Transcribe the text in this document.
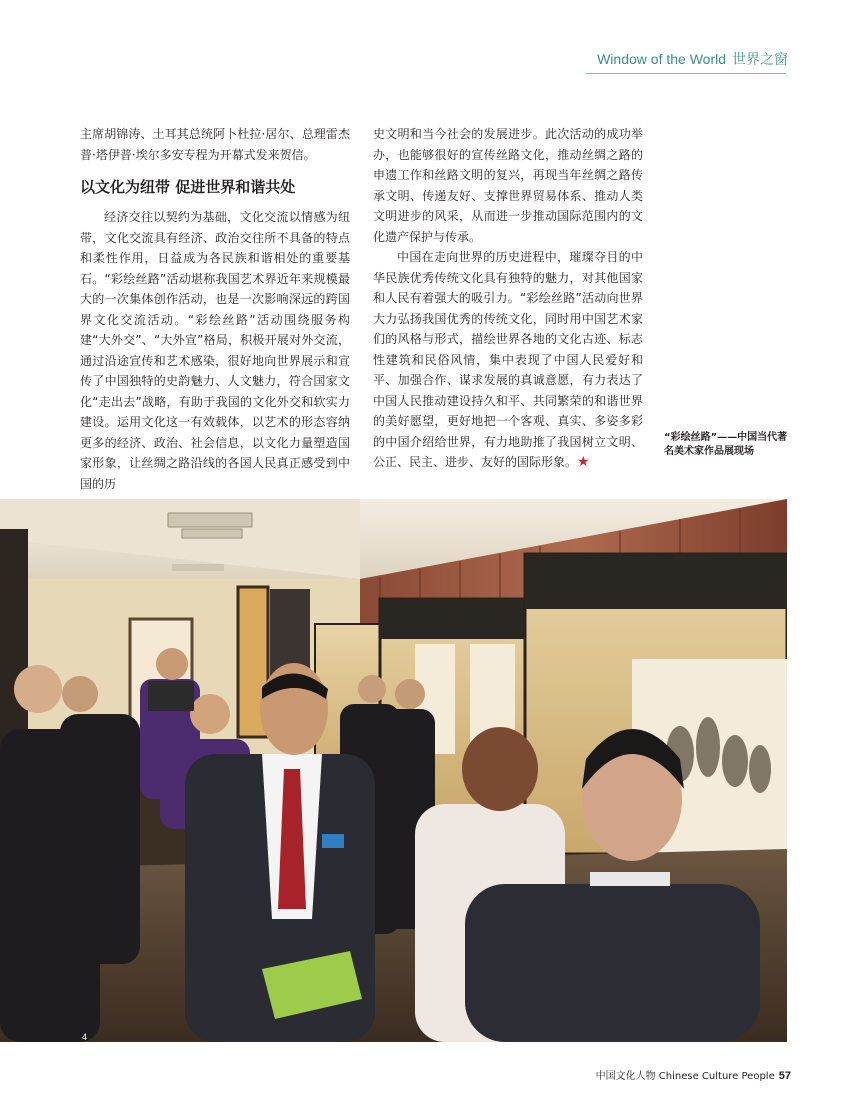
Window of the World 世界之窗

主席胡锦涛、土耳其总统阿卜杜拉·居尔、总理雷杰普·塔伊普·埃尔多安专程为开幕式发来贺信。

以文化为纽带 促进世界和谐共处

经济交往以契约为基础，文化交流以情感为纽带，文化交流具有经济、政治交往所不具备的特点和柔性作用，日益成为各民族和谐相处的重要基石。“彩绘丝路”活动堪称我国艺术界近年来规模最大的一次集体创作活动，也是一次影响深远的跨国界文化交流活动。“彩绘丝路”活动围绕服务构建“大外交”、“大外宣”格局，积极开展对外交流，通过沿途宣传和艺术感染，很好地向世界展示和宣传了中国独特的史韵魅力、人文魅力，符合国家文化“走出去”战略，有助于我国的文化外交和软实力建设。运用文化这一有效载体，以艺术的形态容纳更多的经济、政治、社会信息，以文化力量塑造国家形象，让丝绸之路沿线的各国人民真正感受到中国的历

史文明和当今社会的发展进步。此次活动的成功举办，也能够很好的宣传丝路文化，推动丝绸之路的申遗工作和丝路文明的复兴，再现当年丝绸之路传承文明、传递友好、支撑世界贸易体系、推动人类文明进步的风采，从而进一步推动国际范围内的文化遗产保护与传承。

中国在走向世界的历史进程中，璀璨夺目的中华民族优秀传统文化具有独特的魅力，对其他国家和人民有着强大的吸引力。“彩绘丝路”活动向世界大力弘扬我国优秀的传统文化，同时用中国艺术家们的风格与形式，描绘世界各地的文化古迹、标志性建筑和民俗风情，集中表现了中国人民爱好和平、加强合作、谋求发展的真诚意愿，有力表达了中国人民推动建设持久和平、共同繁荣的和谐世界的美好愿望，更好地把一个客观、真实、多姿多彩的中国介绍给世界，有力地助推了我国树立文明、公正、民主、进步、友好的国际形象。★

“彩绘丝路”——中国当代著名美术家作品展现场
4
中国文化人物 Chinese Culture People 57
